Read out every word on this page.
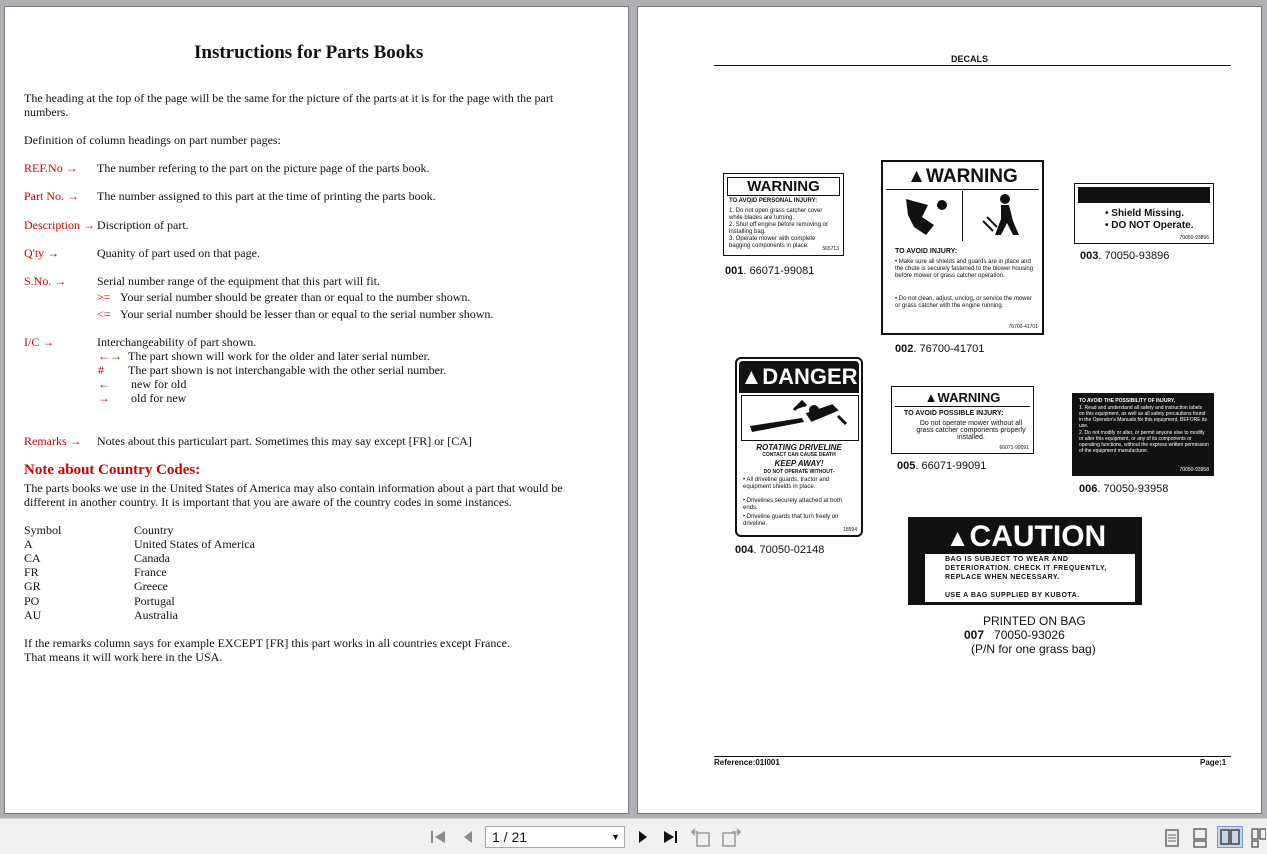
Instructions for Parts Books
The heading at the top of the page will be the same for the picture of the parts at it is for the page with the part numbers.
Definition of column headings on part number pages:
REF.No → The number refering to the part on the picture page of the parts book.
Part No. → The number assigned to this part at the time of printing the parts book.
Description → Discription of part.
Q'ty →	Quanity of part used on that page.
S.No. →	Serial number range of the equipment that this part will fit.
>= Your serial number should be greater than or equal to the number shown.
<= Your serial number should be lesser than or equal to the serial number shown.
I/C →	Interchangeability of part shown.
←→ The part shown will work for the older and later serial number.
# The part shown is not interchangable with the other serial number.
← new for old
→ old for new
Remarks → Notes about this particulart part. Sometimes this may say except [FR] or [CA]
Note about Country Codes:
The parts books we use in the United States of America may also contain information about a part that would be different in another country. It is important that you are aware of the country codes in some instances.
Symbol	Country
A	United States of America
CA	Canada
FR	France
GR	Greece
PO	Portugal
AU	Australia
If the remarks column says for example EXCEPT [FR] this part works in all countries except France.
That means it will work here in the USA.
DECALS
WARNING
TO AVOID PERSONAL INJURY:
1. Do not open grass catcher cover while blades are turning.
2. Shut off engine before removing or installing bag.
3. Operate mower with complete bagging components in place.	565713
001. 66071-99081
▲WARNING
TO AVOID INJURY:
• Make sure all shields and guards are in place and the chute is securely fastened to the blower housing before mower or grass catcher operation.
• Do not clean, adjust, unclog, or service the mower or grass catcher with the engine running.
76700-41701
002. 76700-41701
• Shield Missing.
• DO NOT Operate.
70050-93896
003. 70050-93896
▲DANGER
ROTATING DRIVELINE
CONTACT CAN CAUSE DEATH
KEEP AWAY!
DO NOT OPERATE WITHOUT-
• All driveline guards, tractor and equipment shields in place.
• Drivelines securely attached at both ends.
• Driveline guards that turn freely on driveline.
18594
004. 70050-02148
▲WARNING
TO AVOID POSSIBLE INJURY:
Do not operate mower without all grass catcher components properly installed.
66071-99091
005. 66071-99091
TO AVOID THE POSSIBILITY OF INJURY,
1. Read and understand all safety and instruction labels on this equipment, as well as all safety precautions found in the Operator's Manuals for this equipment, BEFORE its use.
2. Do not modify or alter, or permit anyone else to modify or alter this equipment, or any of its components or operating functions, without the express written permission of the equipment manufacturer.
70050-93958
006. 70050-93958
▲CAUTION
BAG IS SUBJECT TO WEAR AND DETERIORATION. CHECK IT FREQUENTLY, REPLACE WHEN NECESSARY.
USE A BAG SUPPLIED BY KUBOTA.
PRINTED ON BAG
007 70050-93026
(P/N for one grass bag)
Reference:01I001	Page:1
1 / 21	▼
